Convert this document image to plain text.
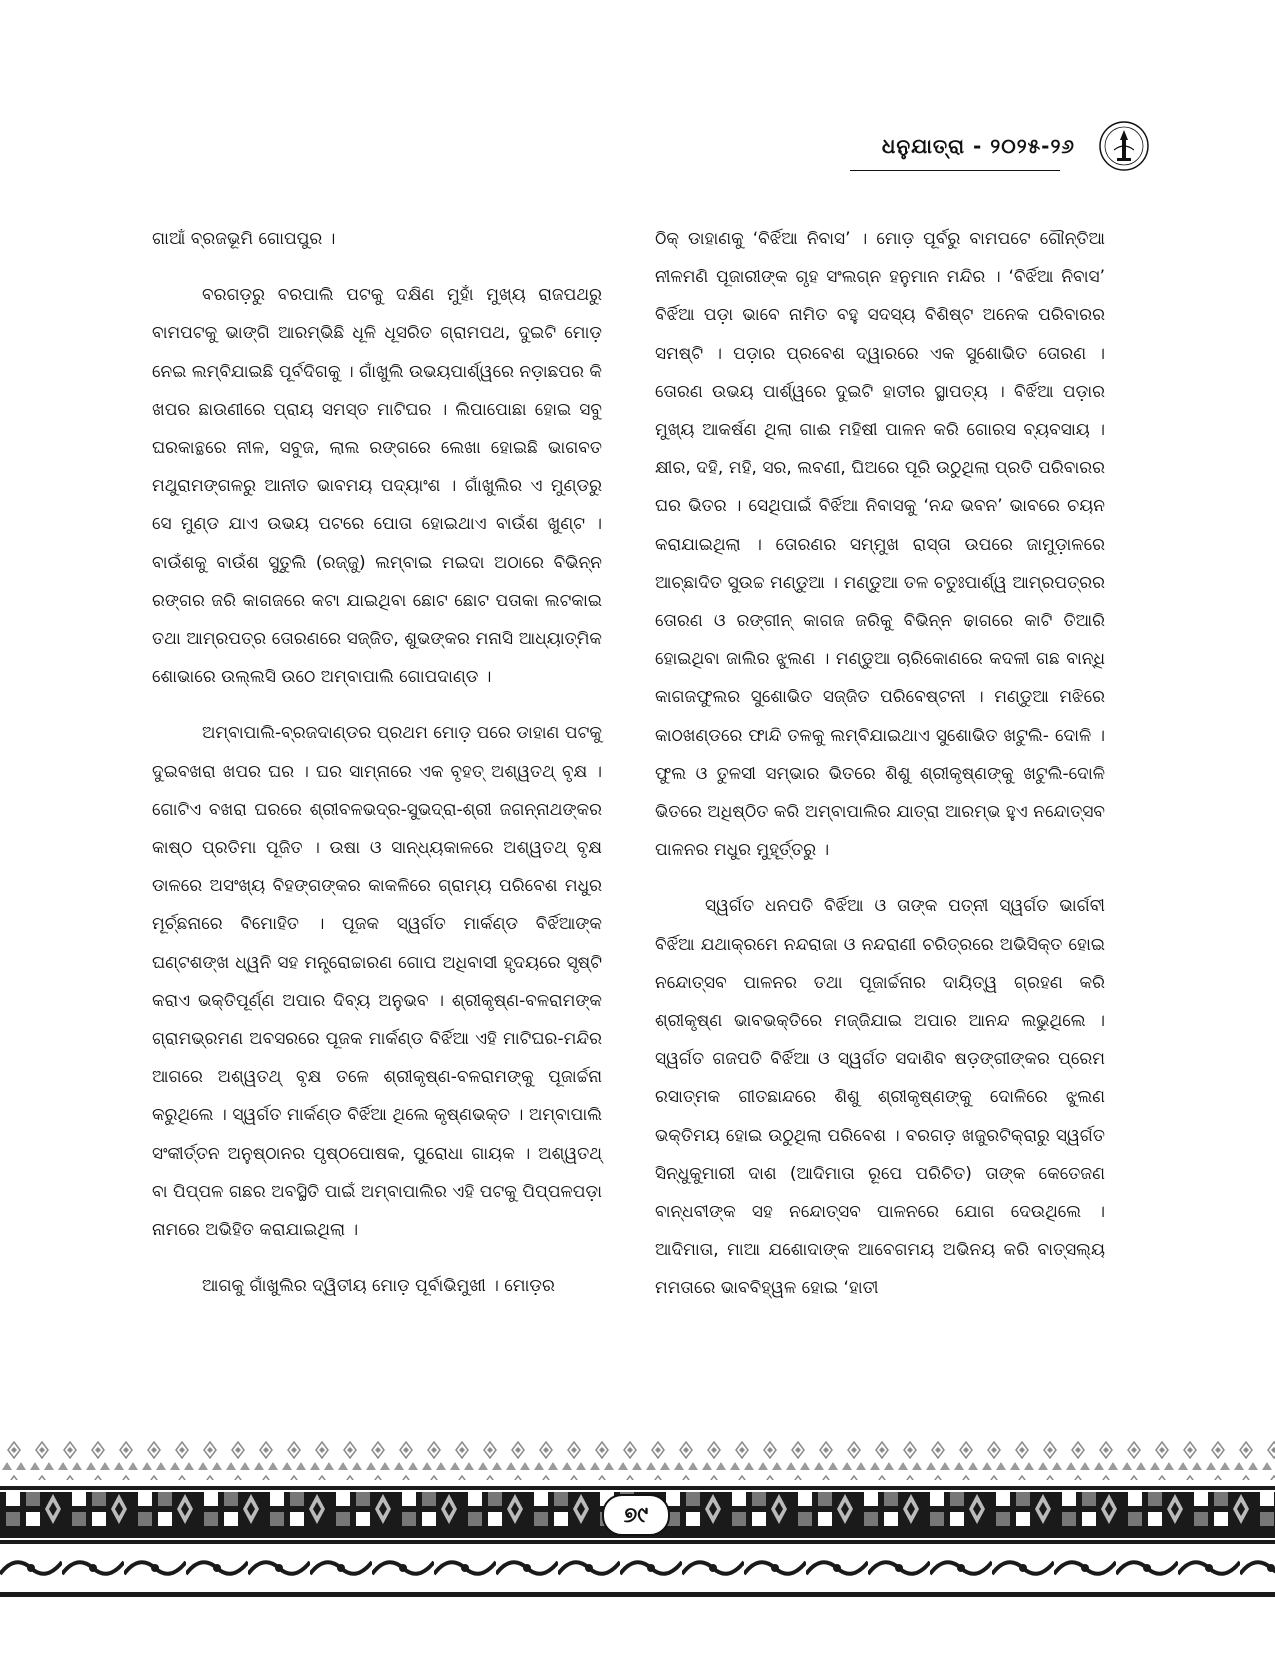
ଧନୁଯାତ୍ରା - ୨୦୨୫-୨୬

ଗାଆଁ ବ୍ରଜଭୂମି ଗୋପପୁର ।

ବରଗଡ଼ରୁ ବରପାଲି ପଟକୁ ଦକ୍ଷିଣ ମୁହାଁ ମୁଖ୍ୟ ରାଜପଥରୁ ବାମପଟକୁ ଭାଙ୍ଗି ଆରମ୍ଭିଛି ଧୂଳି ଧୂସରିତ ଗ୍ରାମପଥ, ଦୁଇଟି ମୋଡ଼ ନେଇ ଲମ୍ବିଯାଇଛି ପୂର୍ବଦିଗକୁ । ଗାଁଖୁଲି ଉଭୟପାର୍ଶ୍ୱରେ ନଡ଼ାଛପର କି ଖପର ଛାଉଣୀରେ ପ୍ରାୟ ସମସ୍ତ ମାଟିଘର । ଲିପାପୋଛା ହୋଇ ସବୁ ଘରକାନ୍ଥରେ ନୀଳ, ସବୁଜ, ଲାଲ ରଙ୍ଗରେ ଲେଖା ହୋଇଛି ଭାଗବତ ମଥୁରାମଙ୍ଗଳରୁ ଆନୀତ ଭାବମୟ ପଦ୍ୟାଂଶ । ଗାଁଖୁଲିର ଏ ମୁଣ୍ଡରୁ ସେ ମୁଣ୍ଡ ଯାଏ ଉଭୟ ପଟରେ ପୋତା ହୋଇଥାଏ ବାଉଁଶ ଖୁଣ୍ଟ । ବାଉଁଶକୁ ବାଉଁଶ ସୁତୁଲି (ରଜ୍ଜୁ) ଲମ୍ବାଇ ମଇଦା ଅଠାରେ ବିଭିନ୍ନ ରଙ୍ଗର ଜରି କାଗଜରେ କଟା ଯାଇଥିବା ଛୋଟ ଛୋଟ ପତାକା ଲଟକାଇ ତଥା ଆମ୍ରପତ୍ର ତୋରଣରେ ସଜ୍ଜିତ, ଶୁଭଙ୍କର ମନାସି ଆଧ୍ୟାତ୍ମିକ ଶୋଭାରେ ଉଲ୍ଲସି ଉଠେ ଅମ୍ବାପାଲି ଗୋପଦାଣ୍ଡ ।

ଅମ୍ବାପାଲି-ବ୍ରଜଦାଣ୍ଡର ପ୍ରଥମ ମୋଡ଼ ପରେ ଡାହାଣ ପଟକୁ ଦୁଇବଖରା ଖପର ଘର । ଘର ସାମ୍ନାରେ ଏକ ବୃହତ୍ ଅଶ୍ୱତଥ୍ ବୃକ୍ଷ । ଗୋଟିଏ ବଖରା ଘରରେ ଶ୍ରୀବଳଭଦ୍ର-ସୁଭଦ୍ରା-ଶ୍ରୀ ଜଗନ୍ନାଥଙ୍କର କାଷ୍ଠ ପ୍ରତିମା ପୂଜିତ । ଉଷା ଓ ସାନ୍ଧ୍ୟକାଳରେ ଅଶ୍ୱତଥ୍ ବୃକ୍ଷ ଡାଳରେ ଅସଂଖ୍ୟ ବିହଙ୍ଗଙ୍କର କାକଳିରେ ଗ୍ରାମ୍ୟ ପରିବେଶ ମଧୁର ମୂର୍ଚ୍ଛନାରେ ବିମୋହିତ । ପୂଜକ ସ୍ୱର୍ଗତ ମାର୍କଣ୍ଡ ବିର୍ଝିଆଙ୍କ ଘଣ୍ଟଶଙ୍ଖ ଧ୍ୱନି ସହ ମନ୍ତ୍ରୋଚ୍ଚାରଣ ଗୋପ ଅଧିବାସୀ ହୃଦୟରେ ସୃଷ୍ଟି କରାଏ ଭକ୍ତିପୂର୍ଣ୍ଣ ଅପାର ଦିବ୍ୟ ଅନୁଭବ । ଶ୍ରୀକୃଷ୍ଣ-ବଳରାମଙ୍କ ଗ୍ରାମଭ୍ରମଣ ଅବସରରେ ପୂଜକ ମାର୍କଣ୍ଡ ବିର୍ଝିଆ ଏହି ମାଟିଘର-ମନ୍ଦିର ଆଗରେ ଅଶ୍ୱତଥ୍ ବୃକ୍ଷ ତଳେ ଶ୍ରୀକୃଷ୍ଣ-ବଳରାମଙ୍କୁ ପୂଜାର୍ଚ୍ଚନା କରୁଥିଲେ । ସ୍ୱର୍ଗତ ମାର୍କଣ୍ଡ ବିର୍ଝିଆ ଥିଲେ କୃଷ୍ଣଭକ୍ତ । ଅମ୍ବାପାଲି ସଂକୀର୍ତ୍ତନ ଅନୁଷ୍ଠାନର ପୃଷ୍ଠପୋଷକ, ପୁରୋଧା ଗାୟକ । ଅଶ୍ୱତଥ୍ ବା ପିପ୍ପଳ ଗଛର ଅବସ୍ଥିତି ପାଇଁ ଅମ୍ବାପାଲିର ଏହି ପଟକୁ ପିପ୍ପଳପଡ଼ା ନାମରେ ଅଭିହିତ କରାଯାଇଥିଲା ।

ଆଗକୁ ଗାଁଖୁଲିର ଦ୍ୱିତୀୟ ମୋଡ଼ ପୂର୍ବାଭିମୁଖୀ । ମୋଡ଼ର

ଠିକ୍ ଡାହାଣକୁ ‘ବିର୍ଝିଆ ନିବାସ’ । ମୋଡ଼ ପୂର୍ବରୁ ବାମପଟେ ଗୌନ୍ତିଆ ନୀଳମଣି ପୂଜାରୀଙ୍କ ଗୃହ ସଂଲଗ୍ନ ହନୁମାନ ମନ୍ଦିର । ‘ବିର୍ଝିଆ ନିବାସ’ ବିର୍ଝିଆ ପଡ଼ା ଭାବେ ନାମିତ ବହୁ ସଦସ୍ୟ ବିଶିଷ୍ଟ ଅନେକ ପରିବାରର ସମଷ୍ଟି । ପଡ଼ାର ପ୍ରବେଶ ଦ୍ୱାରରେ ଏକ ସୁଶୋଭିତ ତୋରଣ । ତୋରଣ ଉଭୟ ପାର୍ଶ୍ୱରେ ଦୁଇଟି ହାତୀର ସ୍ଥାପତ୍ୟ । ବିର୍ଝିଆ ପଡ଼ାର ମୁଖ୍ୟ ଆକର୍ଷଣ ଥିଲା ଗାଈ ମହିଷୀ ପାଳନ କରି ଗୋରସ ବ୍ୟବସାୟ । କ୍ଷୀର, ଦହି, ମହି, ସର, ଲବଣୀ, ଘିଅରେ ପୂରି ଉଠୁଥିଲା ପ୍ରତି ପରିବାରର ଘର ଭିତର । ସେଥିପାଇଁ ବିର୍ଝିଆ ନିବାସକୁ ‘ନନ୍ଦ ଭବନ’ ଭାବରେ ଚୟନ କରାଯାଇଥିଲା । ତୋରଣର ସମ୍ମୁଖ ରାସ୍ତା ଉପରେ ଜାମୁଡ଼ାଳରେ ଆଚ୍ଛାଦିତ ସୁଉଚ୍ଚ ମଣ୍ଡୁଆ । ମଣ୍ଡୁଆ ତଳ ଚତୁଃପାର୍ଶ୍ୱ ଆମ୍ରପତ୍ରର ତୋରଣ ଓ ରଙ୍ଗୀନ୍ କାଗଜ ଜରିକୁ ବିଭିନ୍ନ ଢାଗରେ କାଟି ତିଆରି ହୋଇଥିବା ଜାଲିର ଝୁଲଣ । ମଣ୍ଡୁଆ ଚାରିକୋଣରେ କଦଳୀ ଗଛ ବାନ୍ଧି କାଗଜଫୁଲର ସୁଶୋଭିତ ସଜ୍ଜିତ ପରିବେଷ୍ଟନୀ । ମଣ୍ଡୁଆ ମଝିରେ କାଠଖଣ୍ଡରେ ଫାନ୍ଦି ତଳକୁ ଲମ୍ବିଯାଇଥାଏ ସୁଶୋଭିତ ଖଟୁଲି- ଦୋଳି । ଫୁଲ ଓ ତୁଳସୀ ସମ୍ଭାର ଭିତରେ ଶିଶୁ ଶ୍ରୀକୃଷ୍ଣଙ୍କୁ ଖଟୁଲି-ଦୋଳି ଭିତରେ ଅଧିଷ୍ଠିତ କରି ଅମ୍ବାପାଲିର ଯାତ୍ରା ଆରମ୍ଭ ହୁଏ ନନ୍ଦୋତ୍ସବ ପାଳନର ମଧୁର ମୁହୂର୍ତ୍ତରୁ ।

ସ୍ୱର୍ଗତ ଧନପତି ବିର୍ଝିଆ ଓ ତାଙ୍କ ପତ୍ନୀ ସ୍ୱର୍ଗତ ଭାର୍ଗବୀ ବିର୍ଝିଆ ଯଥାକ୍ରମେ ନନ୍ଦରାଜା ଓ ନନ୍ଦରାଣୀ ଚରିତ୍ରରେ ଅଭିସିକ୍ତ ହୋଇ ନନ୍ଦୋତ୍ସବ ପାଳନର ତଥା ପୂଜାର୍ଚ୍ଚନାର ଦାୟିତ୍ୱ ଗ୍ରହଣ କରି ଶ୍ରୀକୃଷ୍ଣ ଭାବଭକ୍ତିରେ ମଜ୍ଜିଯାଇ ଅପାର ଆନନ୍ଦ ଲଭୁଥିଲେ । ସ୍ୱର୍ଗତ ଗଜପତି ବିର୍ଝିଆ ଓ ସ୍ୱର୍ଗତ ସଦାଶିବ ଷଡ଼ଙ୍ଗୀଙ୍କର ପ୍ରେମ ରସାତ୍ମକ ଗୀତଛାନ୍ଦରେ ଶିଶୁ ଶ୍ରୀକୃଷ୍ଣଙ୍କୁ ଦୋଳିରେ ଝୁଲଣ ଭକ୍ତିମୟ ହୋଇ ଉଠୁଥିଲା ପରିବେଶ । ବରଗଡ଼ ଖଜୁରଟିକ୍ରାରୁ ସ୍ୱର୍ଗତ ସିନ୍ଧୁକୁମାରୀ ଦାଶ (ଆଦିମାତା ରୂପେ ପରିଚିତ) ତାଙ୍କ କେତେଜଣ ବାନ୍ଧବୀଙ୍କ ସହ ନନ୍ଦୋତ୍ସବ ପାଳନରେ ଯୋଗ ଦେଉଥିଲେ । ଆଦିମାତା, ମାଆ ଯଶୋଦାଙ୍କ ଆବେଗମୟ ଅଭିନୟ କରି ବାତ୍ସଲ୍ୟ ମମତାରେ ଭାବବିହ୍ୱଳ ହୋଇ ‘ହାତୀ

୭୯
